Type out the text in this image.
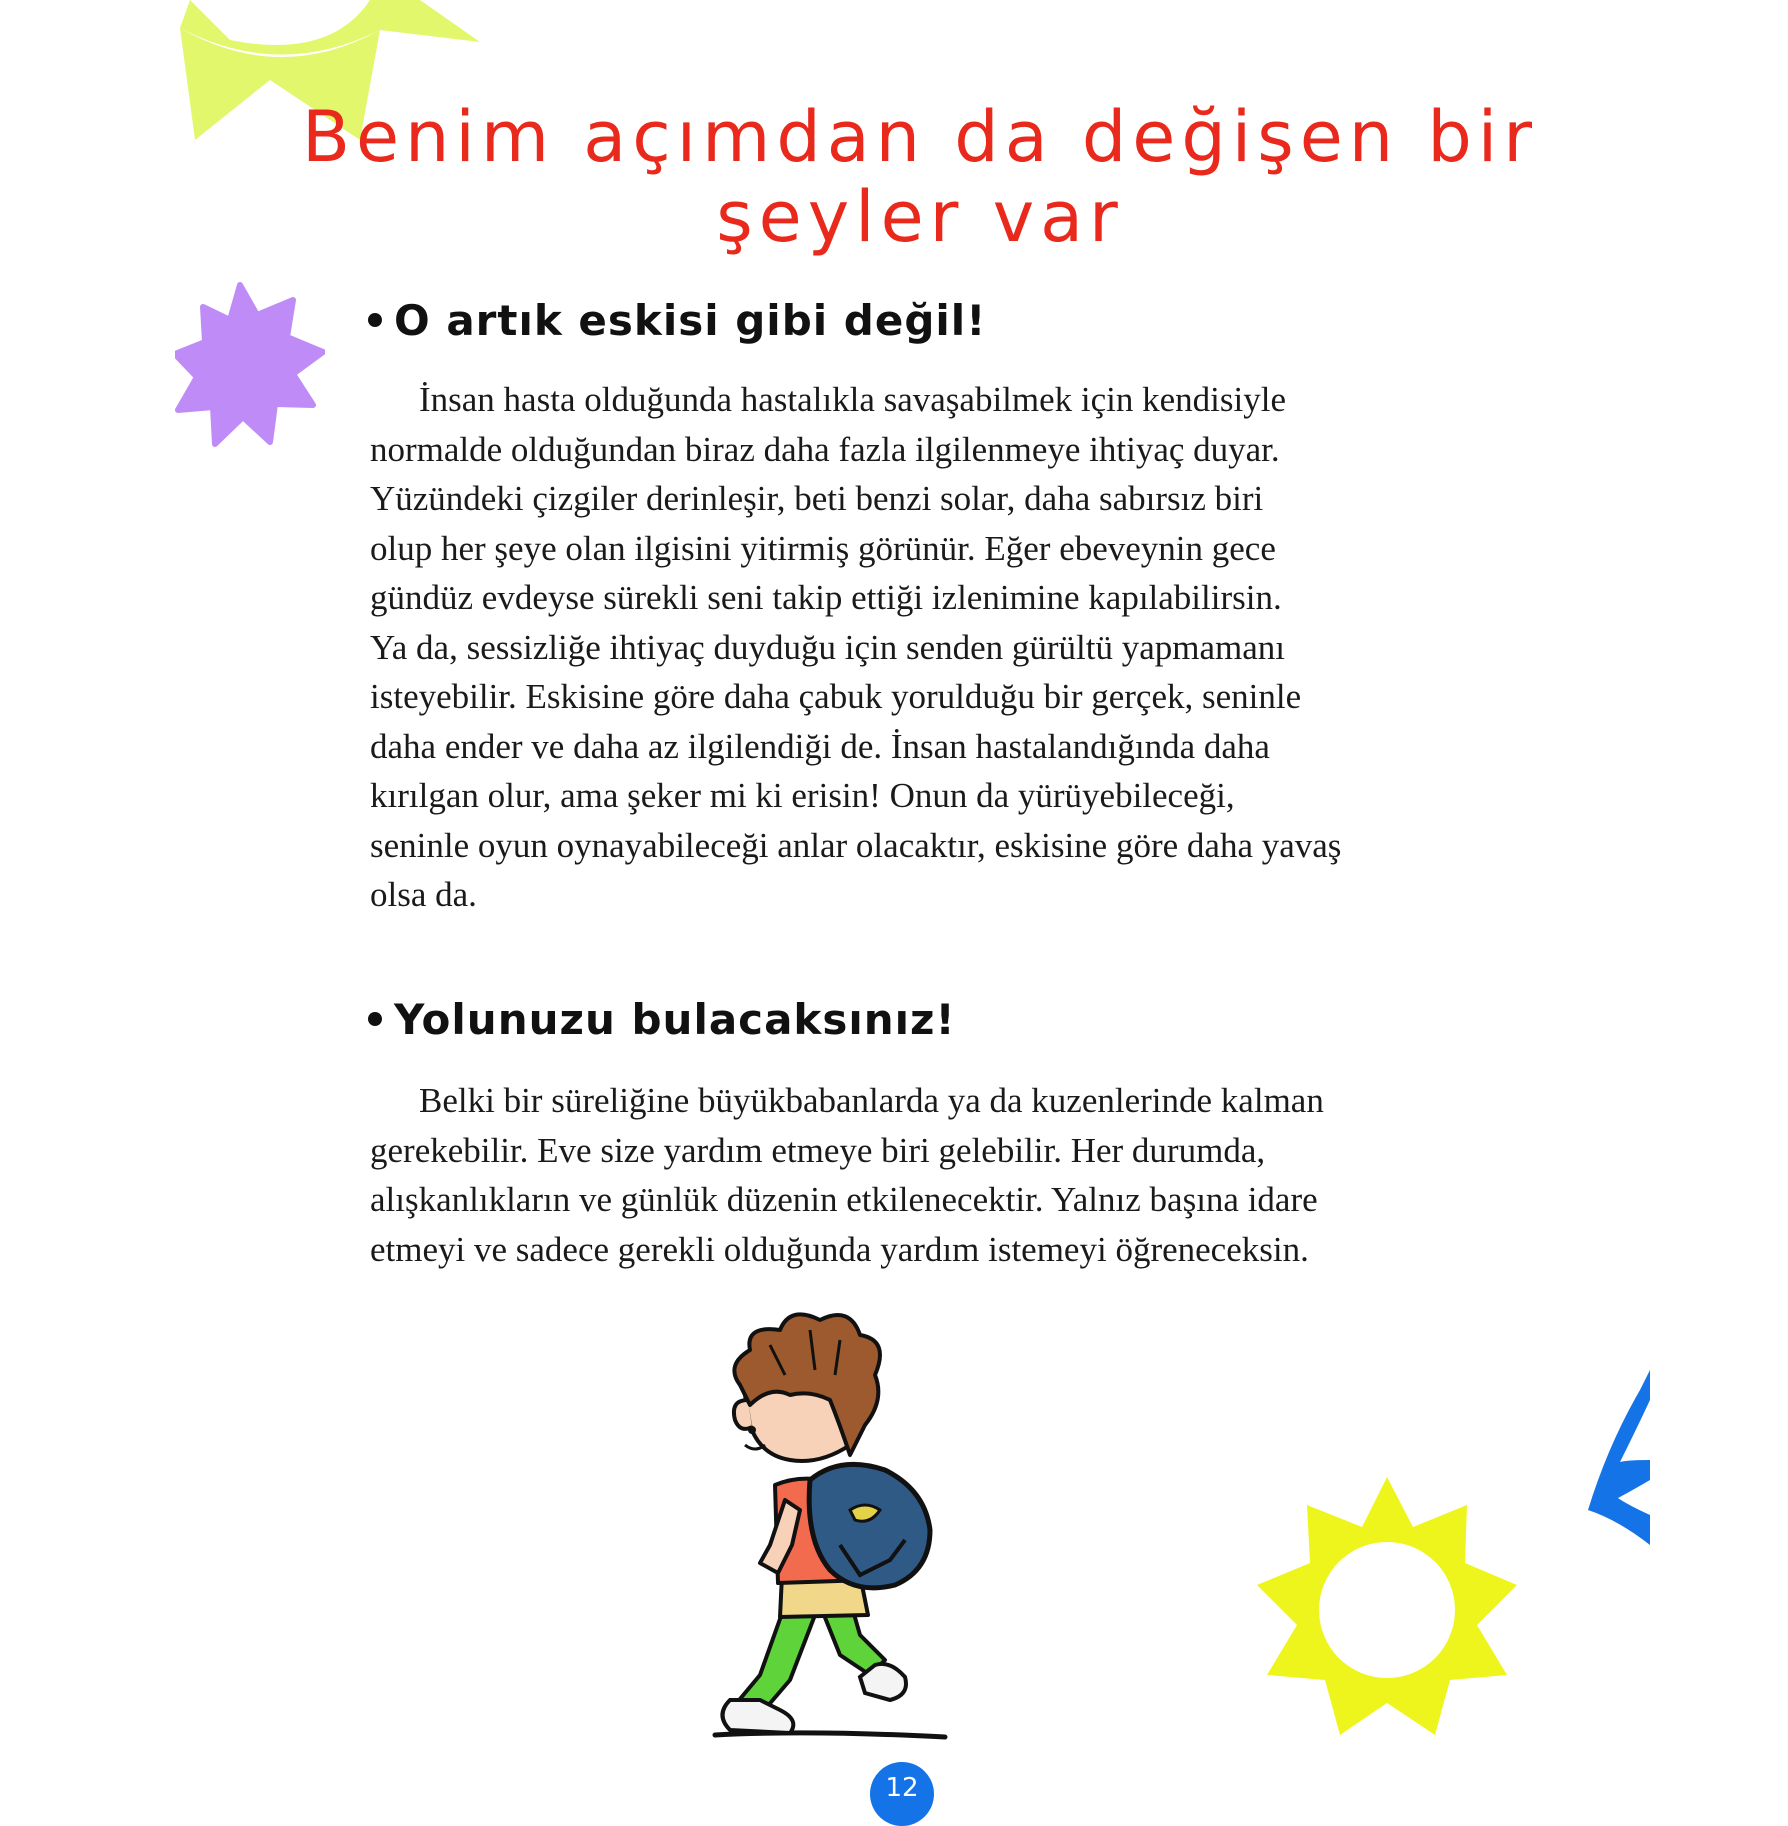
Benim açımdan da değişen bir
şeyler var
O artık eskisi gibi değil!
İnsan hasta olduğunda hastalıkla savaşabilmek için kendisiyle
normalde olduğundan biraz daha fazla ilgilenmeye ihtiyaç duyar.
Yüzündeki çizgiler derinleşir, beti benzi solar, daha sabırsız biri
olup her şeye olan ilgisini yitirmiş görünür. Eğer ebeveynin gece
gündüz evdeyse sürekli seni takip ettiği izlenimine kapılabilirsin.
Ya da, sessizliğe ihtiyaç duyduğu için senden gürültü yapmamanı
isteyebilir. Eskisine göre daha çabuk yorulduğu bir gerçek, seninle
daha ender ve daha az ilgilendiği de. İnsan hastalandığında daha
kırılgan olur, ama şeker mi ki erisin! Onun da yürüyebileceği,
seninle oyun oynayabileceği anlar olacaktır, eskisine göre daha yavaş
olsa da.
Yolunuzu bulacaksınız!
Belki bir süreliğine büyükbabanlarda ya da kuzenlerinde kalman
gerekebilir. Eve size yardım etmeye biri gelebilir. Her durumda,
alışkanlıkların ve günlük düzenin etkilenecektir. Yalnız başına idare
etmeyi ve sadece gerekli olduğunda yardım istemeyi öğreneceksin.
12
